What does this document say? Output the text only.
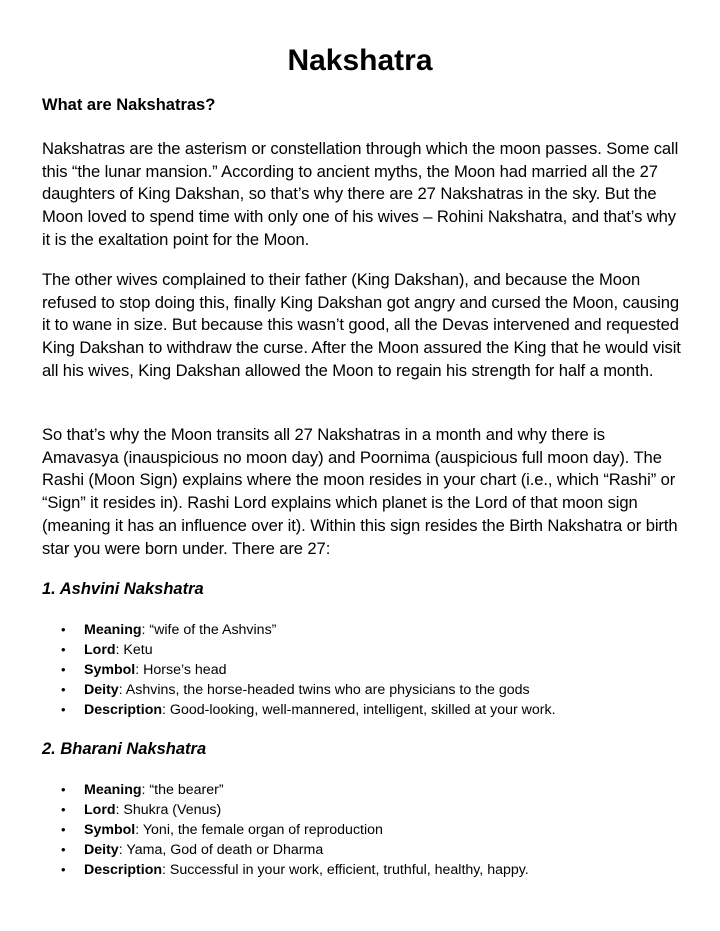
Nakshatra
What are Nakshatras?

Nakshatras are the asterism or constellation through which the moon passes. Some call this “the lunar mansion.” According to ancient myths, the Moon had married all the 27 daughters of King Dakshan, so that’s why there are 27 Nakshatras in the sky. But the Moon loved to spend time with only one of his wives – Rohini Nakshatra, and that’s why it is the exaltation point for the Moon.

The other wives complained to their father (King Dakshan), and because the Moon refused to stop doing this, finally King Dakshan got angry and cursed the Moon, causing it to wane in size. But because this wasn’t good, all the Devas intervened and requested King Dakshan to withdraw the curse. After the Moon assured the King that he would visit all his wives, King Dakshan allowed the Moon to regain his strength for half a month.

So that’s why the Moon transits all 27 Nakshatras in a month and why there is Amavasya (inauspicious no moon day) and Poornima (auspicious full moon day). The Rashi (Moon Sign) explains where the moon resides in your chart (i.e., which “Rashi” or “Sign” it resides in). Rashi Lord explains which planet is the Lord of that moon sign (meaning it has an influence over it). Within this sign resides the Birth Nakshatra or birth star you were born under. There are 27:

1. Ashvini Nakshatra
• Meaning: “wife of the Ashvins”
• Lord: Ketu
• Symbol: Horse’s head
• Deity: Ashvins, the horse-headed twins who are physicians to the gods
• Description: Good-looking, well-mannered, intelligent, skilled at your work.
2. Bharani Nakshatra
• Meaning: “the bearer”
• Lord: Shukra (Venus)
• Symbol: Yoni, the female organ of reproduction
• Deity: Yama, God of death or Dharma
• Description: Successful in your work, efficient, truthful, healthy, happy.
